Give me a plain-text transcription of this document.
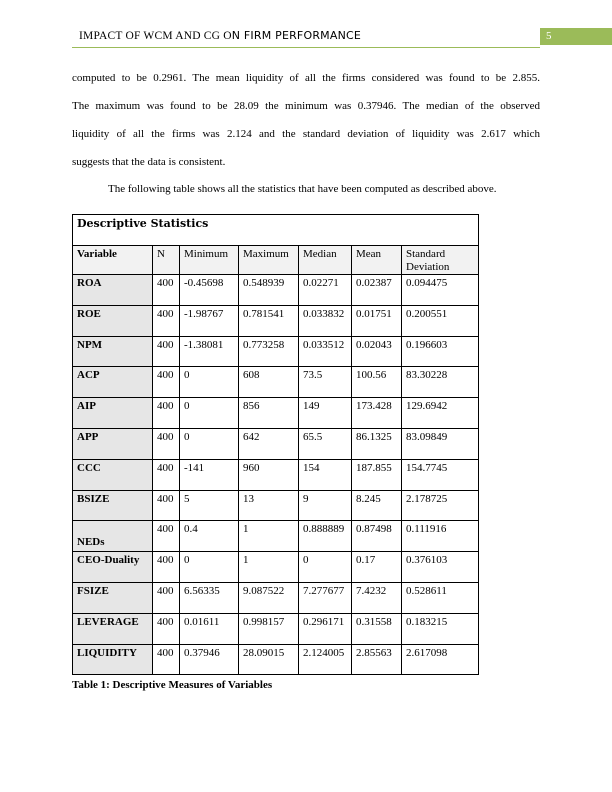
IMPACT OF WCM AND CG ON FIRM PERFORMANCE	5
computed to be 0.2961. The mean liquidity of all the firms considered was found to be 2.855.
The maximum was found to be 28.09 the minimum was 0.37946. The median of the observed
liquidity of all the firms was 2.124 and the standard deviation of liquidity was 2.617 which
suggests that the data is consistent.
The following table shows all the statistics that have been computed as described above.
Descriptive Statistics						
Variable	N	Minimum	Maximum	Median	Mean	Standard Deviation
ROA	400	-0.45698	0.548939	0.02271	0.02387	0.094475
ROE	400	-1.98767	0.781541	0.033832	0.01751	0.200551
NPM	400	-1.38081	0.773258	0.033512	0.02043	0.196603
ACP	400	0	608	73.5	100.56	83.30228
AIP	400	0	856	149	173.428	129.6942
APP	400	0	642	65.5	86.1325	83.09849
CCC	400	-141	960	154	187.855	154.7745
BSIZE	400	5	13	9	8.245	2.178725
NEDs	400	0.4	1	0.888889	0.87498	0.111916
CEO-Duality	400	0	1	0	0.17	0.376103
FSIZE	400	6.56335	9.087522	7.277677	7.4232	0.528611
LEVERAGE	400	0.01611	0.998157	0.296171	0.31558	0.183215
LIQUIDITY	400	0.37946	28.09015	2.124005	2.85563	2.617098
Table 1: Descriptive Measures of Variables
